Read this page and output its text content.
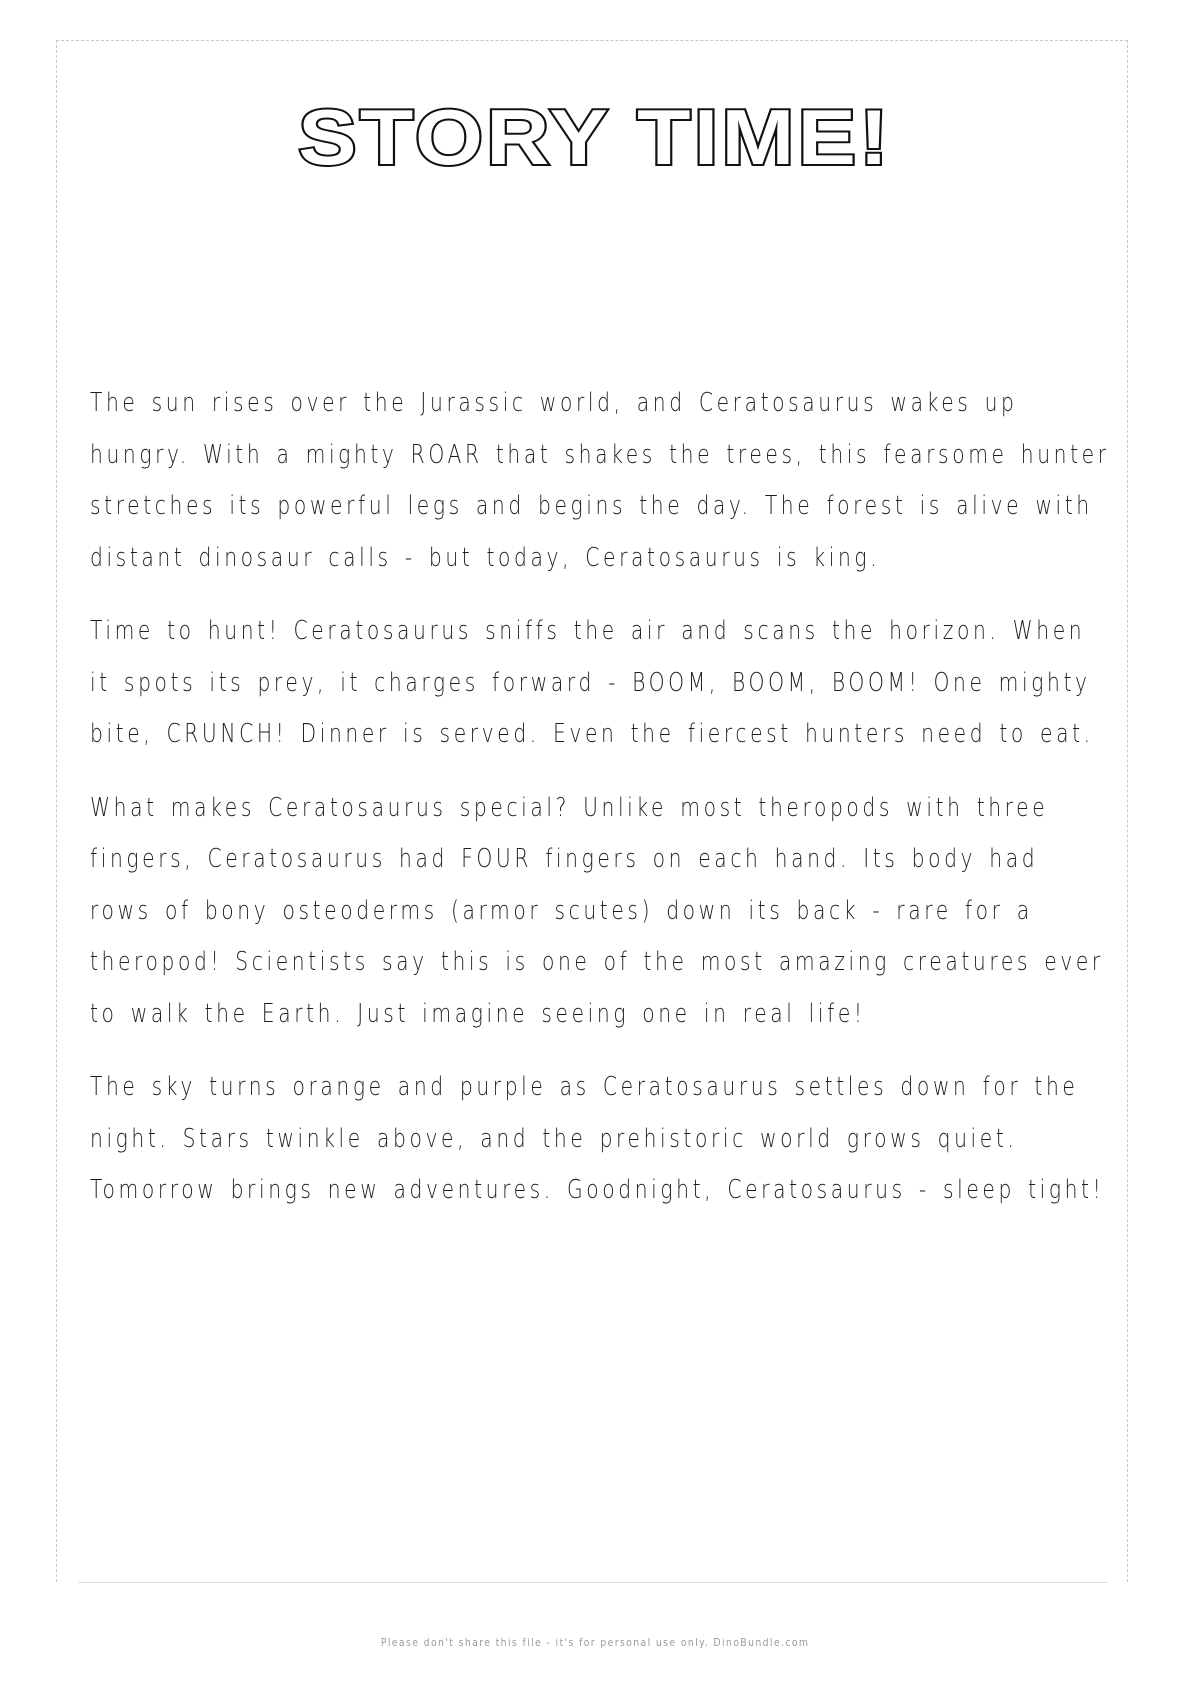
STORY TIME!

The sun rises over the Jurassic world, and Ceratosaurus wakes up hungry. With a mighty ROAR that shakes the trees, this fearsome hunter stretches its powerful legs and begins the day. The forest is alive with distant dinosaur calls - but today, Ceratosaurus is king.

Time to hunt! Ceratosaurus sniffs the air and scans the horizon. When it spots its prey, it charges forward - BOOM, BOOM, BOOM! One mighty bite, CRUNCH! Dinner is served. Even the fiercest hunters need to eat.

What makes Ceratosaurus special? Unlike most theropods with three fingers, Ceratosaurus had FOUR fingers on each hand. Its body had rows of bony osteoderms (armor scutes) down its back - rare for a theropod! Scientists say this is one of the most amazing creatures ever to walk the Earth. Just imagine seeing one in real life!

The sky turns orange and purple as Ceratosaurus settles down for the night. Stars twinkle above, and the prehistoric world grows quiet. Tomorrow brings new adventures. Goodnight, Ceratosaurus - sleep tight!

Please don't share this file - it's for personal use only. DinoBundle.com
